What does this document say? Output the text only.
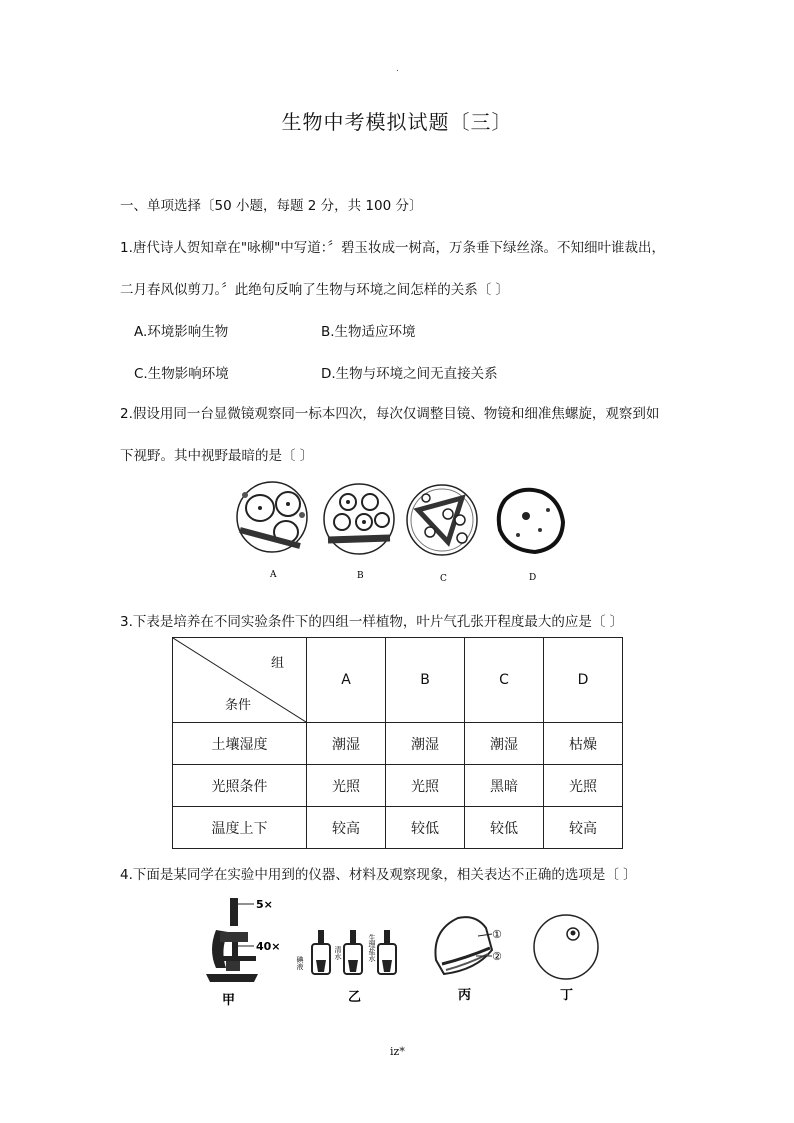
.
生物中考模拟试题〔三〕
一、单项选择〔50 小题，每题 2 分，共 100 分〕
1.唐代诗人贺知章在"咏柳"中写道：〞碧玉妆成一树高，万条垂下绿丝涤。不知细叶谁裁出，
二月春风似剪刀。〞此绝句反响了生物与环境之间怎样的关系〔 〕
A.环境影响生物	B.生物适应环境
C.生物影响环境	D.生物与环境之间无直接关系
2.假设用同一台显微镜观察同一标本四次，每次仅调整目镜、物镜和细准焦螺旋，观察到如
下视野。其中视野最暗的是〔 〕
A	B	C	D
3.下表是培养在不同实验条件下的四组一样植物，叶片气孔张开程度最大的应是〔 〕
组
条件	A	B	C	D
土壤湿度	潮湿	潮湿	潮湿	枯燥
光照条件	光照	光照	黑暗	光照
温度上下	较高	较低	较低	较高
4.下面是某同学在实验中用到的仪器、材料及观察现象，相关表达不正确的选项是〔 〕
5×
40×
碘液
清水	生理盐水	①
②
甲	乙	丙	丁
iz*
